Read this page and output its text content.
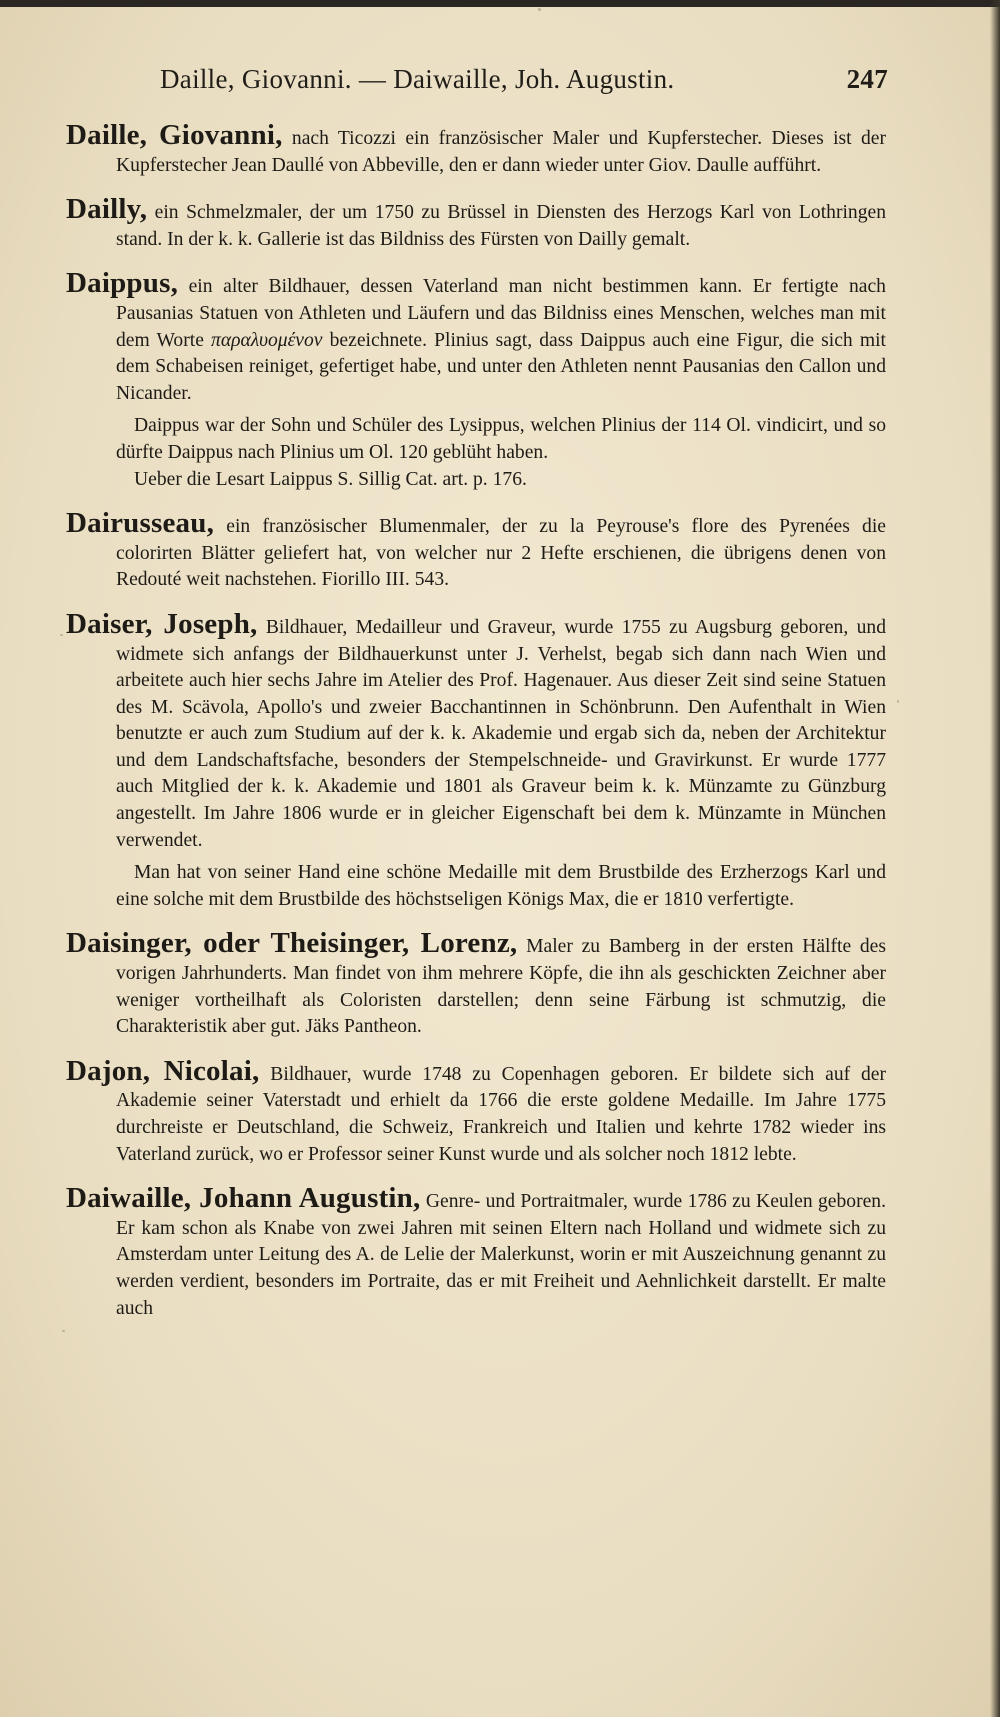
Daille, Giovanni. — Daiwaille, Joh. Augustin.	247
Daille, Giovanni, nach Ticozzi ein französischer Maler und Kupferstecher. Dieses ist der Kupferstecher Jean Daullé von Abbeville, den er dann wieder unter Giov. Daulle aufführt.
Dailly, ein Schmelzmaler, der um 1750 zu Brüssel in Diensten des Herzogs Karl von Lothringen stand. In der k. k. Gallerie ist das Bildniss des Fürsten von Dailly gemalt.
Daippus, ein alter Bildhauer, dessen Vaterland man nicht bestimmen kann. Er fertigte nach Pausanias Statuen von Athleten und Läufern und das Bildniss eines Menschen, welches man mit dem Worte παραλυομένον bezeichnete. Plinius sagt, dass Daippus auch eine Figur, die sich mit dem Schabeisen reiniget, gefertiget habe, und unter den Athleten nennt Pausanias den Callon und Nicander.
Daippus war der Sohn und Schüler des Lysippus, welchen Plinius der 114 Ol. vindicirt, und so dürfte Daippus nach Plinius um Ol. 120 geblüht haben.
Ueber die Lesart Laippus S. Sillig Cat. art. p. 176.
Dairusseau, ein französischer Blumenmaler, der zu la Peyrouse's flore des Pyrenées die colorirten Blätter geliefert hat, von welcher nur 2 Hefte erschienen, die übrigens denen von Redouté weit nachstehen. Fiorillo III. 543.
Daiser, Joseph, Bildhauer, Medailleur und Graveur, wurde 1755 zu Augsburg geboren, und widmete sich anfangs der Bildhauerkunst unter J. Verhelst, begab sich dann nach Wien und arbeitete auch hier sechs Jahre im Atelier des Prof. Hagenauer. Aus dieser Zeit sind seine Statuen des M. Scävola, Apollo's und zweier Bacchantinnen in Schönbrunn. Den Aufenthalt in Wien benutzte er auch zum Studium auf der k. k. Akademie und ergab sich da, neben der Architektur und dem Landschaftsfache, besonders der Stempelschneide- und Gravirkunst. Er wurde 1777 auch Mitglied der k. k. Akademie und 1801 als Graveur beim k. k. Münzamte zu Günzburg angestellt. Im Jahre 1806 wurde er in gleicher Eigenschaft bei dem k. Münzamte in München verwendet.
Man hat von seiner Hand eine schöne Medaille mit dem Brustbilde des Erzherzogs Karl und eine solche mit dem Brustbilde des höchstseligen Königs Max, die er 1810 verfertigte.
Daisinger, oder Theisinger, Lorenz, Maler zu Bamberg in der ersten Hälfte des vorigen Jahrhunderts. Man findet von ihm mehrere Köpfe, die ihn als geschickten Zeichner aber weniger vortheilhaft als Coloristen darstellen; denn seine Färbung ist schmutzig, die Charakteristik aber gut. Jäks Pantheon.
Dajon, Nicolai, Bildhauer, wurde 1748 zu Copenhagen geboren. Er bildete sich auf der Akademie seiner Vaterstadt und erhielt da 1766 die erste goldene Medaille. Im Jahre 1775 durchreiste er Deutschland, die Schweiz, Frankreich und Italien und kehrte 1782 wieder ins Vaterland zurück, wo er Professor seiner Kunst wurde und als solcher noch 1812 lebte.
Daiwaille, Johann Augustin, Genre- und Portraitmaler, wurde 1786 zu Keulen geboren. Er kam schon als Knabe von zwei Jahren mit seinen Eltern nach Holland und widmete sich zu Amsterdam unter Leitung des A. de Lelie der Malerkunst, worin er mit Auszeichnung genannt zu werden verdient, besonders im Portraite, das er mit Freiheit und Aehnlichkeit darstellt. Er malte auch
